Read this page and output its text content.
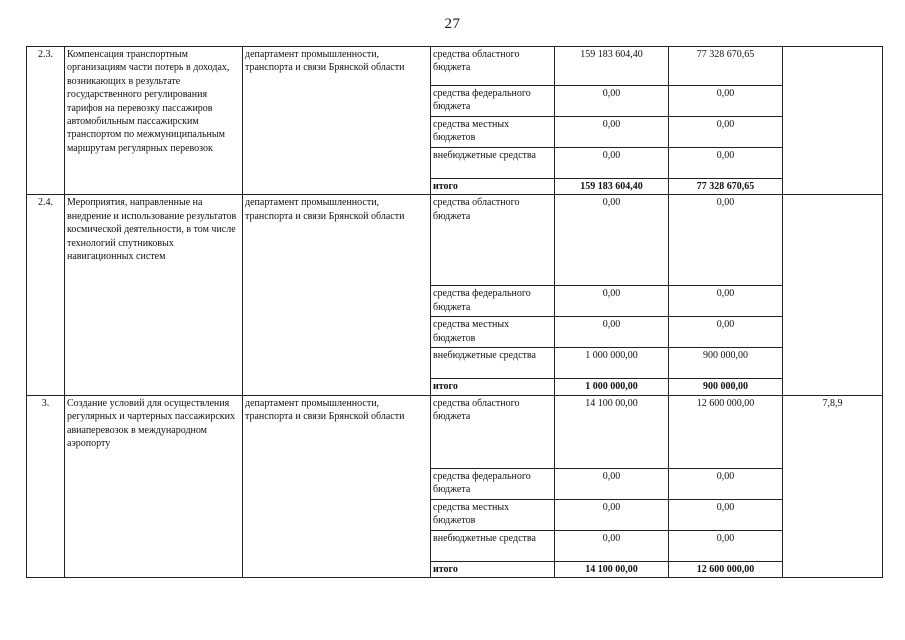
27
2.3.	Компенсация транспортным организациям части потерь в доходах, возникающих в результате государственного регулирования тарифов на перевозку пассажиров автомобильным пассажирским транспортом по межмуниципальным маршрутам регулярных перевозок	департамент промышленности, транспорта и связи Брянской области	средства областного бюджета	159 183 604,40	77 328 670,65	
			средства федерального бюджета	0,00	0,00	
			средства местных бюджетов	0,00	0,00	
			внебюджетные средства	0,00	0,00	
			итого	159 183 604,40	77 328 670,65	
2.4.	Мероприятия, направленные на внедрение и использование результатов космической деятельности, в том числе технологий спутниковых навигационных систем	департамент промышленности, транспорта и связи Брянской области	средства областного бюджета	0,00	0,00	
			средства федерального бюджета	0,00	0,00	
			средства местных бюджетов	0,00	0,00	
			внебюджетные средства	1 000 000,00	900 000,00	
			итого	1 000 000,00	900 000,00	
3.	Создание условий для осуществления регулярных и чартерных пассажирских авиаперевозок в международном аэропорту	департамент промышленности, транспорта и связи Брянской области	средства областного бюджета	14 100 00,00	12 600 000,00	7,8,9
			средства федерального бюджета	0,00	0,00	
			средства местных бюджетов	0,00	0,00	
			внебюджетные средства	0,00	0,00	
			итого	14 100 00,00	12 600 000,00	
